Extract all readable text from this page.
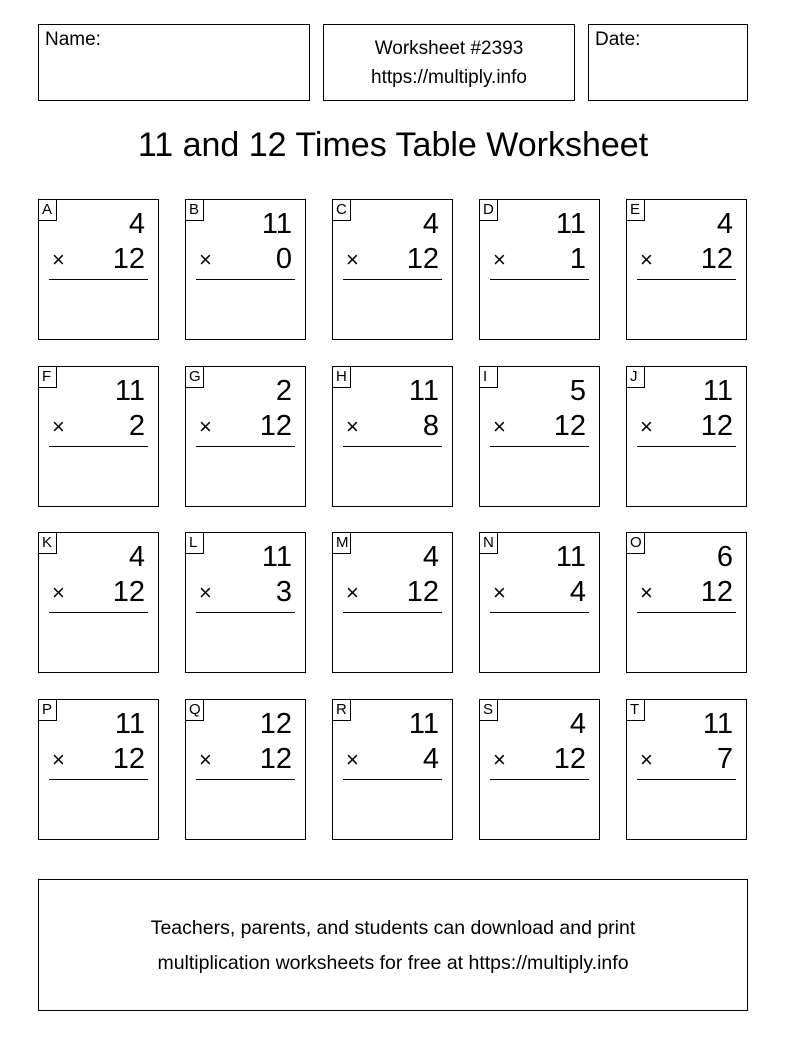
Name:	Worksheet #2393
https://multiply.info
Date:
11 and 12 Times Table Worksheet
A	4
× 12
B 11
× 0
C	4
× 12
D 11
× 1
E	4
× 12
F 11
× 2
G	2
× 12
H 11
× 8
I	5
× 12
J 11
× 12
K	4
× 12
L 11
× 3
M	4
× 12
N 11
× 4
O	6
× 12
P 11
× 12
Q 12
× 12
R 11
× 4
S	4
× 12
T 11
× 7
Teachers, parents, and students can download and print
multiplication worksheets for free at https://multiply.info
